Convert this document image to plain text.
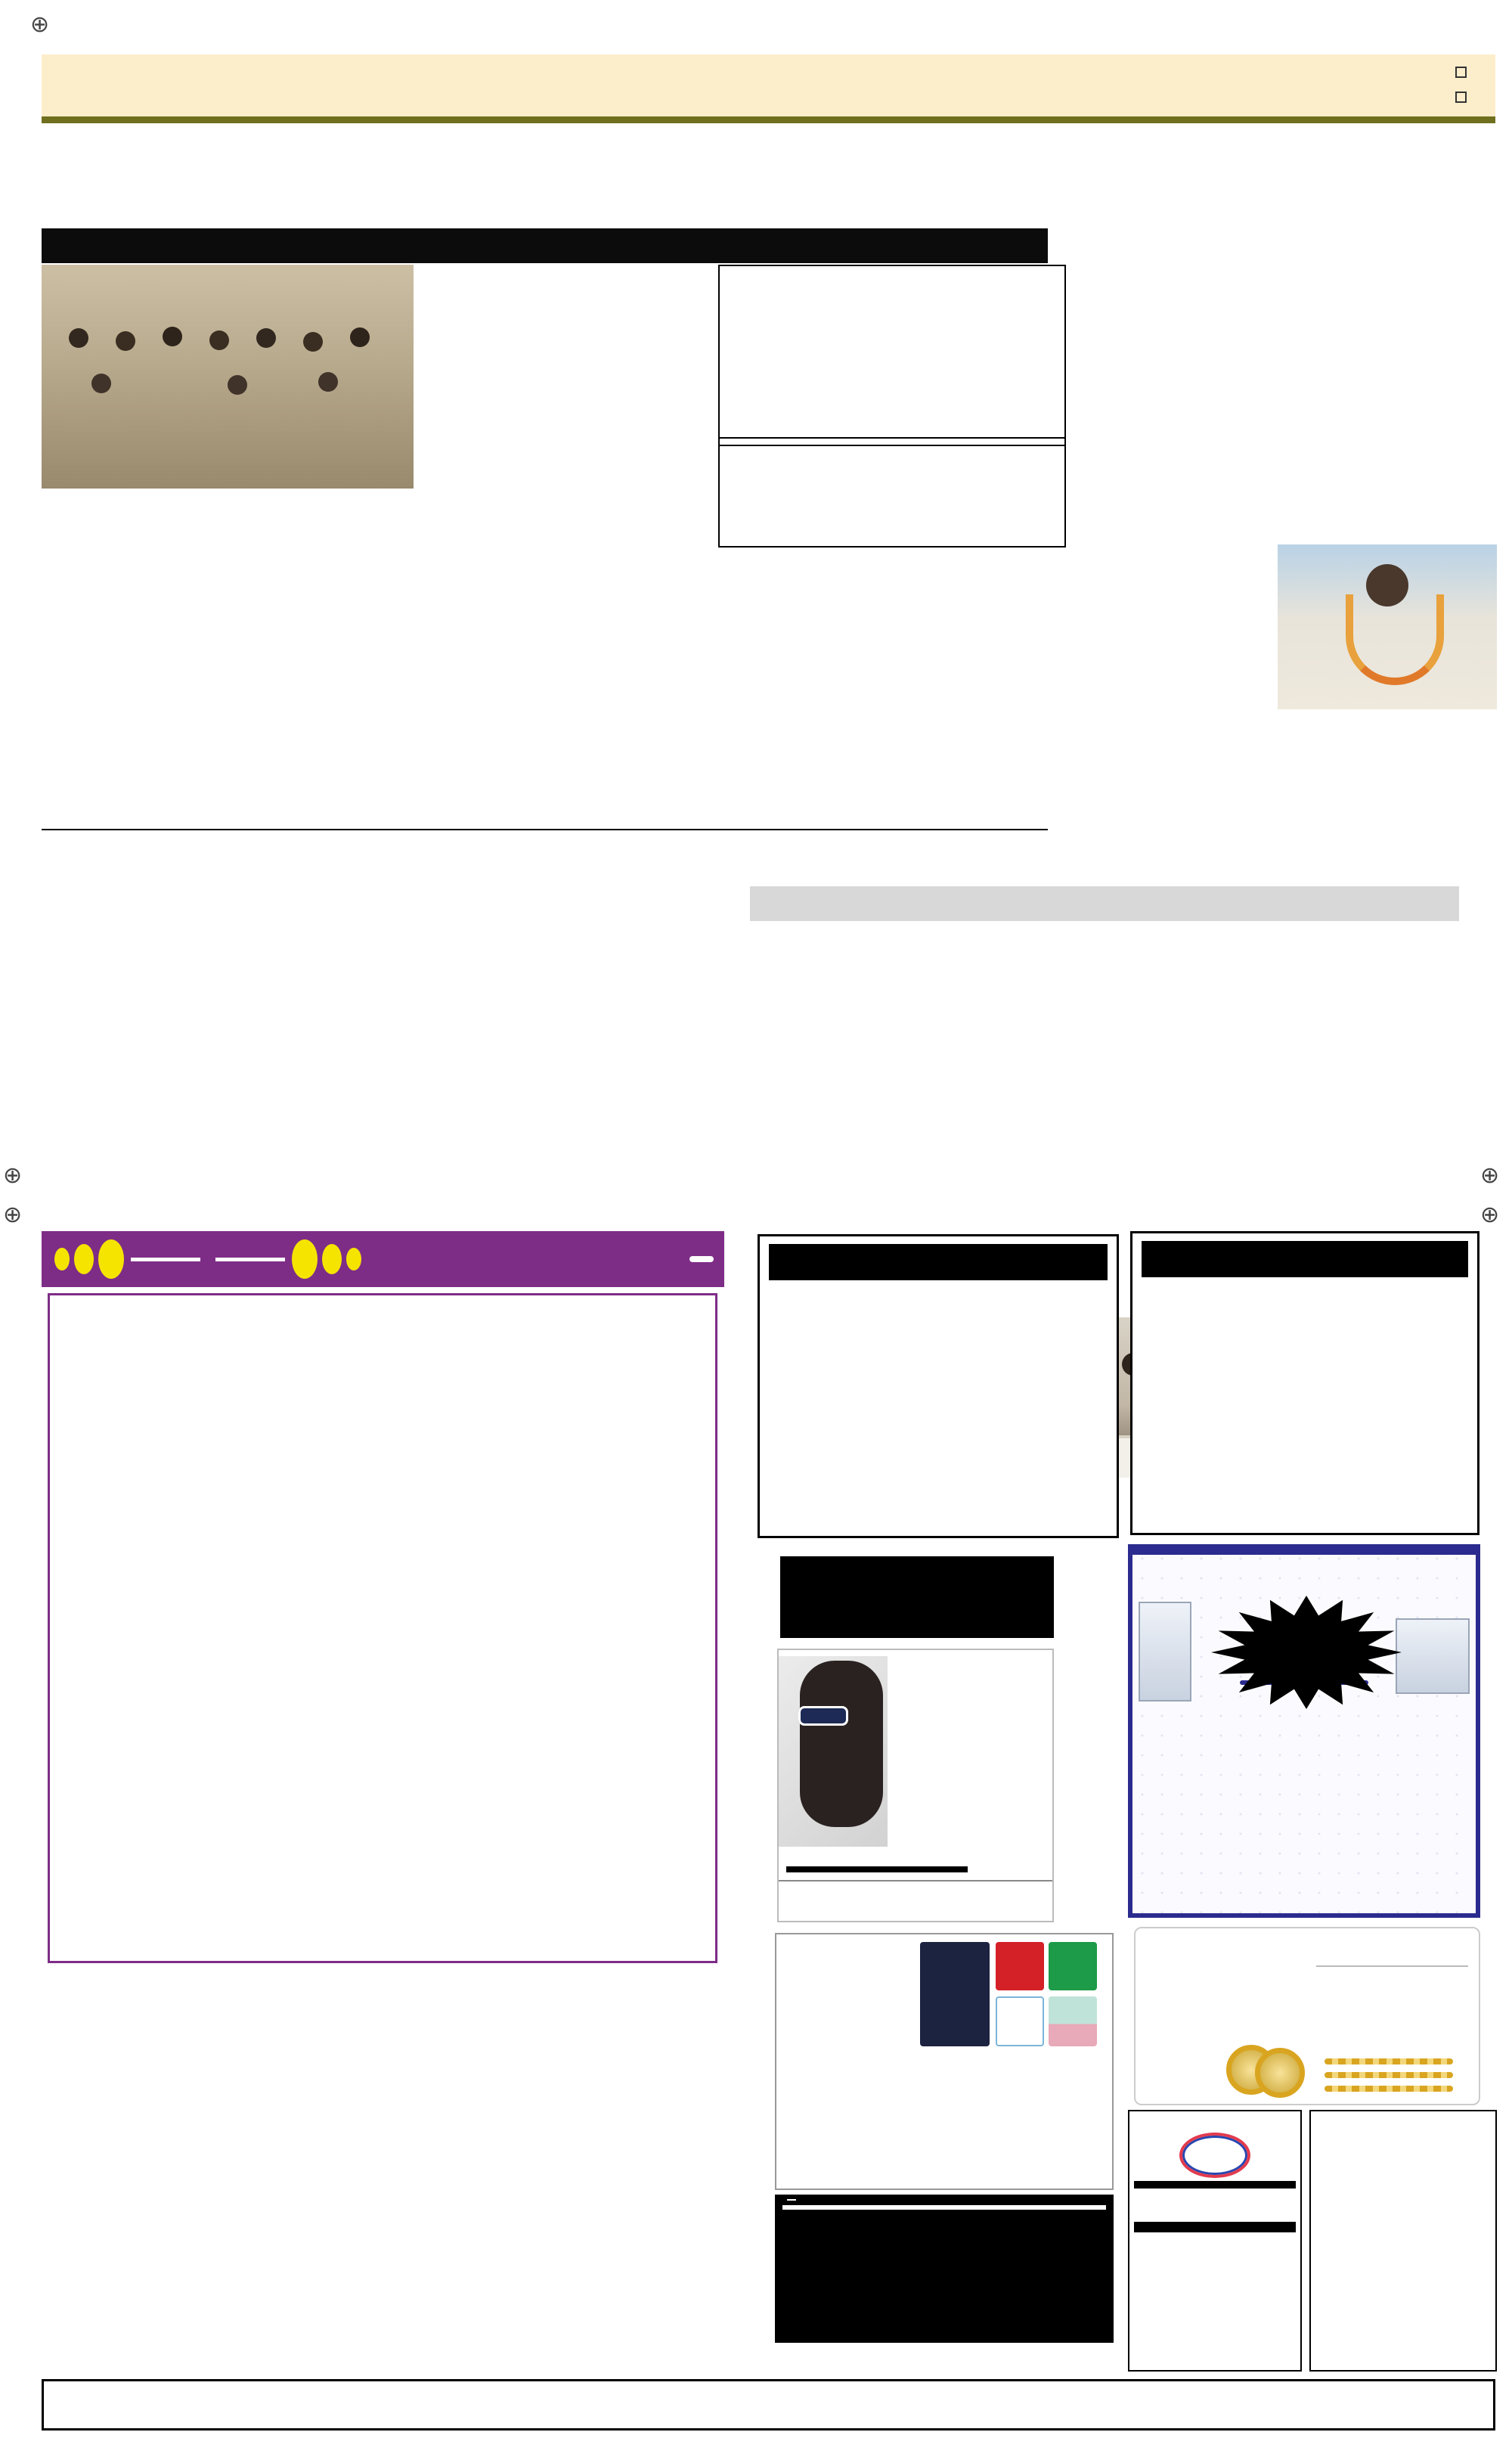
⊕
⊕
⊕
⊕
⊕
